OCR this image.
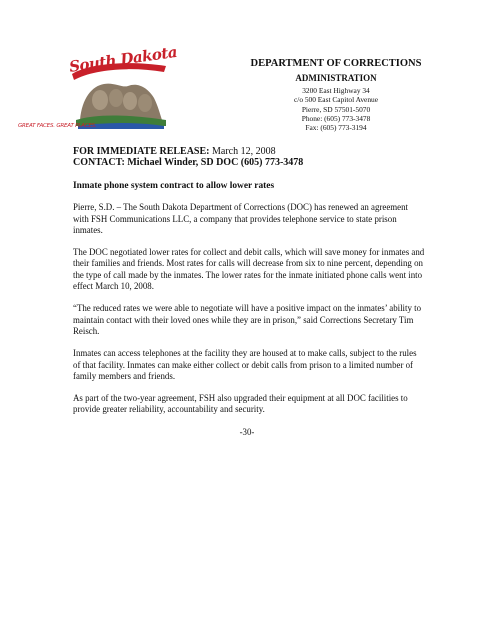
South Dakota
GREAT FACES. GREAT PLACES.
DEPARTMENT OF CORRECTIONS
ADMINISTRATION
3200 East Highway 34
c/o 500 East Capitol Avenue
Pierre, SD 57501-5070
Phone: (605) 773-3478
Fax: (605) 773-3194
FOR IMMEDIATE RELEASE: March 12, 2008
CONTACT: Michael Winder, SD DOC (605) 773-3478
Inmate phone system contract to allow lower rates

Pierre, S.D. – The South Dakota Department of Corrections (DOC) has renewed an agreement with FSH Communications LLC, a company that provides telephone service to state prison inmates.

The DOC negotiated lower rates for collect and debit calls, which will save money for inmates and their families and friends. Most rates for calls will decrease from six to nine percent, depending on the type of call made by the inmates. The lower rates for the inmate initiated phone calls went into effect March 10, 2008.

“The reduced rates we were able to negotiate will have a positive impact on the inmates’ ability to maintain contact with their loved ones while they are in prison,” said Corrections Secretary Tim Reisch.

Inmates can access telephones at the facility they are housed at to make calls, subject to the rules of that facility. Inmates can make either collect or debit calls from prison to a limited number of family members and friends.

As part of the two-year agreement, FSH also upgraded their equipment at all DOC facilities to provide greater reliability, accountability and security.

-30-
